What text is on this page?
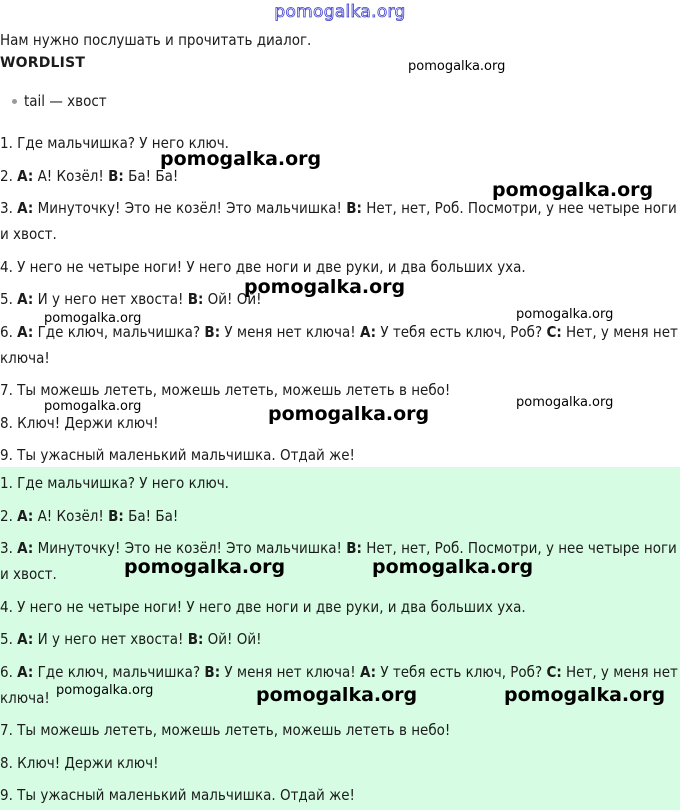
pomogalka.org
Нам нужно послушать и прочитать диалог.
WORDLIST
tail — хвост

1. Где мальчишка? У него ключ.

2. A: А! Козёл! B: Ба! Ба!

3. A: Минуточку! Это не козёл! Это мальчишка! B: Нет, нет, Роб. Посмотри, у нее четыре ноги и хвост.

4. У него не четыре ноги! У него две ноги и две руки, и два больших уха.

5. A: И у него нет хвоста! B: Ой! Ой!

6. A: Где ключ, мальчишка? B: У меня нет ключа! A: У тебя есть ключ, Роб? C: Нет, у меня нет ключа!

7. Ты можешь лететь, можешь лететь, можешь лететь в небо!

8. Ключ! Держи ключ!

9. Ты ужасный маленький мальчишка. Отдай же!

1. Где мальчишка? У него ключ.

2. A: А! Козёл! B: Ба! Ба!

3. A: Минуточку! Это не козёл! Это мальчишка! B: Нет, нет, Роб. Посмотри, у нее четыре ноги и хвост.

4. У него не четыре ноги! У него две ноги и две руки, и два больших уха.

5. A: И у него нет хвоста! B: Ой! Ой!

6. A: Где ключ, мальчишка? B: У меня нет ключа! A: У тебя есть ключ, Роб? C: Нет, у меня нет ключа!

7. Ты можешь лететь, можешь лететь, можешь лететь в небо!

8. Ключ! Держи ключ!

9. Ты ужасный маленький мальчишка. Отдай же!

pomogalka.org
pomogalka.org
pomogalka.org
pomogalka.org
pomogalka.org
pomogalka.org
pomogalka.org
pomogalka.org	pomogalka.org
pomogalka.org	pomogalka.org
pomogalka.org	pomogalka.org	pomogalka.org
